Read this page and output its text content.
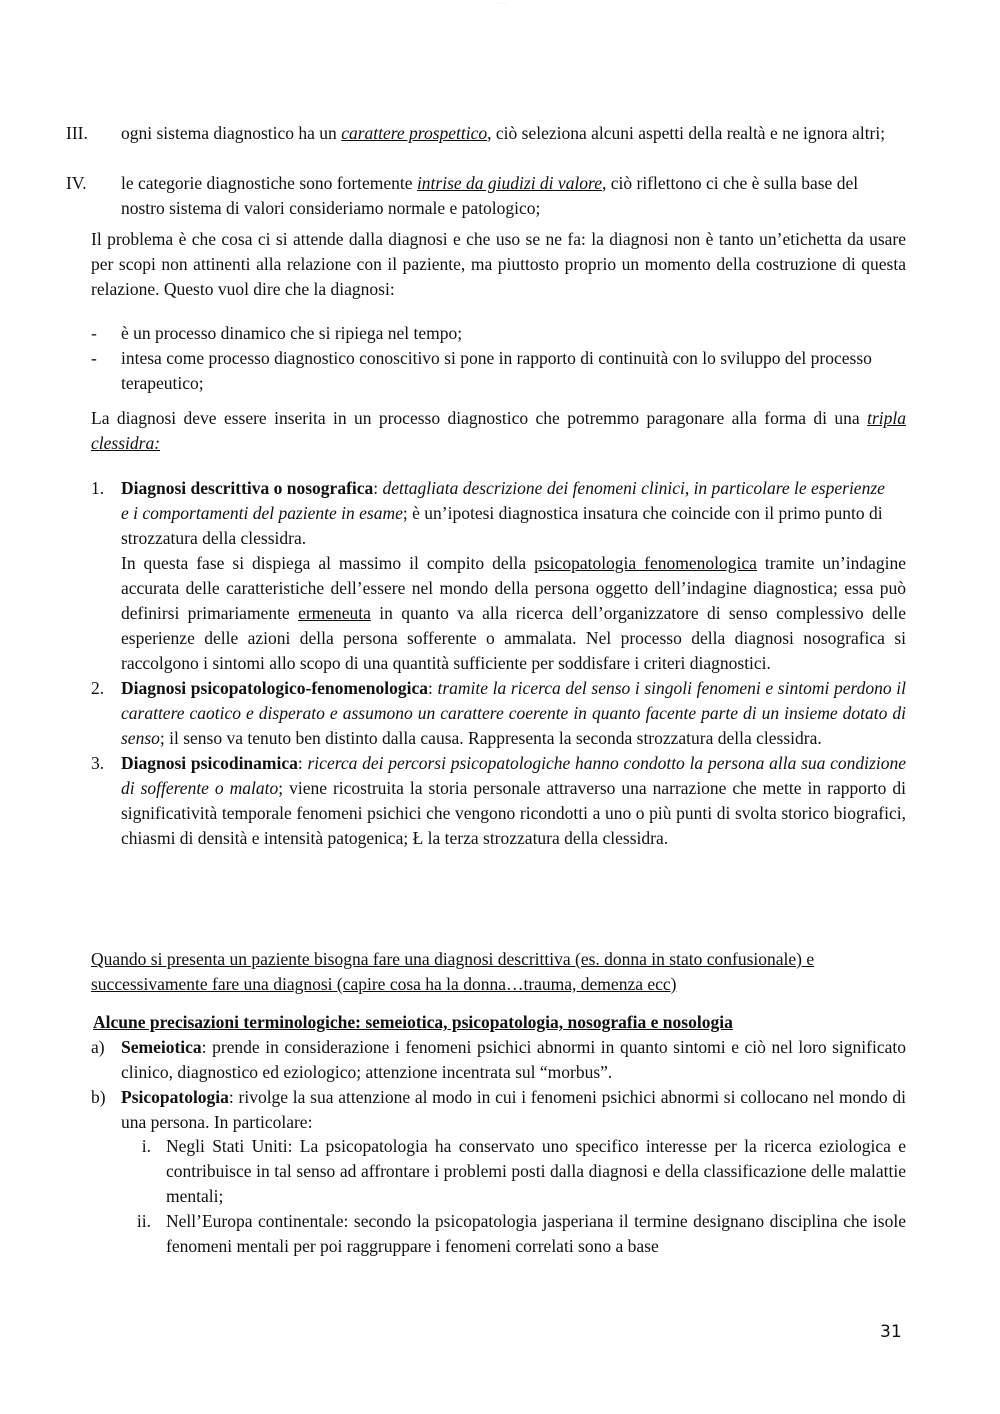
·· ··· ·· ····
III. ogni sistema diagnostico ha un carattere prospettico, ciò seleziona alcuni aspetti della realtà e ne ignora altri;
IV. le categorie diagnostiche sono fortemente intrise da giudizi di valore, ciò riflettono ci che è sulla base del nostro sistema di valori consideriamo normale e patologico;
Il problema è che cosa ci si attende dalla diagnosi e che uso se ne fa: la diagnosi non è tanto un’etichetta da usare per scopi non attinenti alla relazione con il paziente, ma piuttosto proprio un momento della costruzione di questa relazione. Questo vuol dire che la diagnosi:
- è un processo dinamico che si ripiega nel tempo;
- intesa come processo diagnostico conoscitivo si pone in rapporto di continuità con lo sviluppo del processo terapeutico;
La diagnosi deve essere inserita in un processo diagnostico che potremmo paragonare alla forma di una tripla clessidra:
1. Diagnosi descrittiva o nosografica: dettagliata descrizione dei fenomeni clinici, in particolare le esperienze e i comportamenti del paziente in esame; è un’ipotesi diagnostica insatura che coincide con il primo punto di strozzatura della clessidra.
In questa fase si dispiega al massimo il compito della psicopatologia fenomenologica tramite un’indagine accurata delle caratteristiche dell’essere nel mondo della persona oggetto dell’indagine diagnostica; essa può definirsi primariamente ermeneuta in quanto va alla ricerca dell’organizzatore di senso complessivo delle esperienze delle azioni della persona sofferente o ammalata. Nel processo della diagnosi nosografica si raccolgono i sintomi allo scopo di una quantità sufficiente per soddisfare i criteri diagnostici.
2. Diagnosi psicopatologico-fenomenologica: tramite la ricerca del senso i singoli fenomeni e sintomi perdono il carattere caotico e disperato e assumono un carattere coerente in quanto facente parte di un insieme dotato di senso; il senso va tenuto ben distinto dalla causa. Rappresenta la seconda strozzatura della clessidra.
3. Diagnosi psicodinamica: ricerca dei percorsi psicopatologiche hanno condotto la persona alla sua condizione di sofferente o malato; viene ricostruita la storia personale attraverso una narrazione che mette in rapporto di significatività temporale fenomeni psichici che vengono ricondotti a uno o più punti di svolta storico biografici, chiasmi di densità e intensità patogenica; Ł la terza strozzatura della clessidra.
Quando si presenta un paziente bisogna fare una diagnosi descrittiva (es. donna in stato confusionale) e successivamente fare una diagnosi (capire cosa ha la donna…trauma, demenza ecc)
Alcune precisazioni terminologiche: semeiotica, psicopatologia, nosografia e nosologia
a) Semeiotica: prende in considerazione i fenomeni psichici abnormi in quanto sintomi e ciò nel loro significato clinico, diagnostico ed eziologico; attenzione incentrata sul “morbus”.
b) Psicopatologia: rivolge la sua attenzione al modo in cui i fenomeni psichici abnormi si collocano nel mondo di una persona. In particolare:
i. Negli Stati Uniti: La psicopatologia ha conservato uno specifico interesse per la ricerca eziologica e contribuisce in tal senso ad affrontare i problemi posti dalla diagnosi e della classificazione delle malattie mentali;
ii. Nell’Europa continentale: secondo la psicopatologia jasperiana il termine designano disciplina che isole fenomeni mentali per poi raggruppare i fenomeni correlati sono a base
31
